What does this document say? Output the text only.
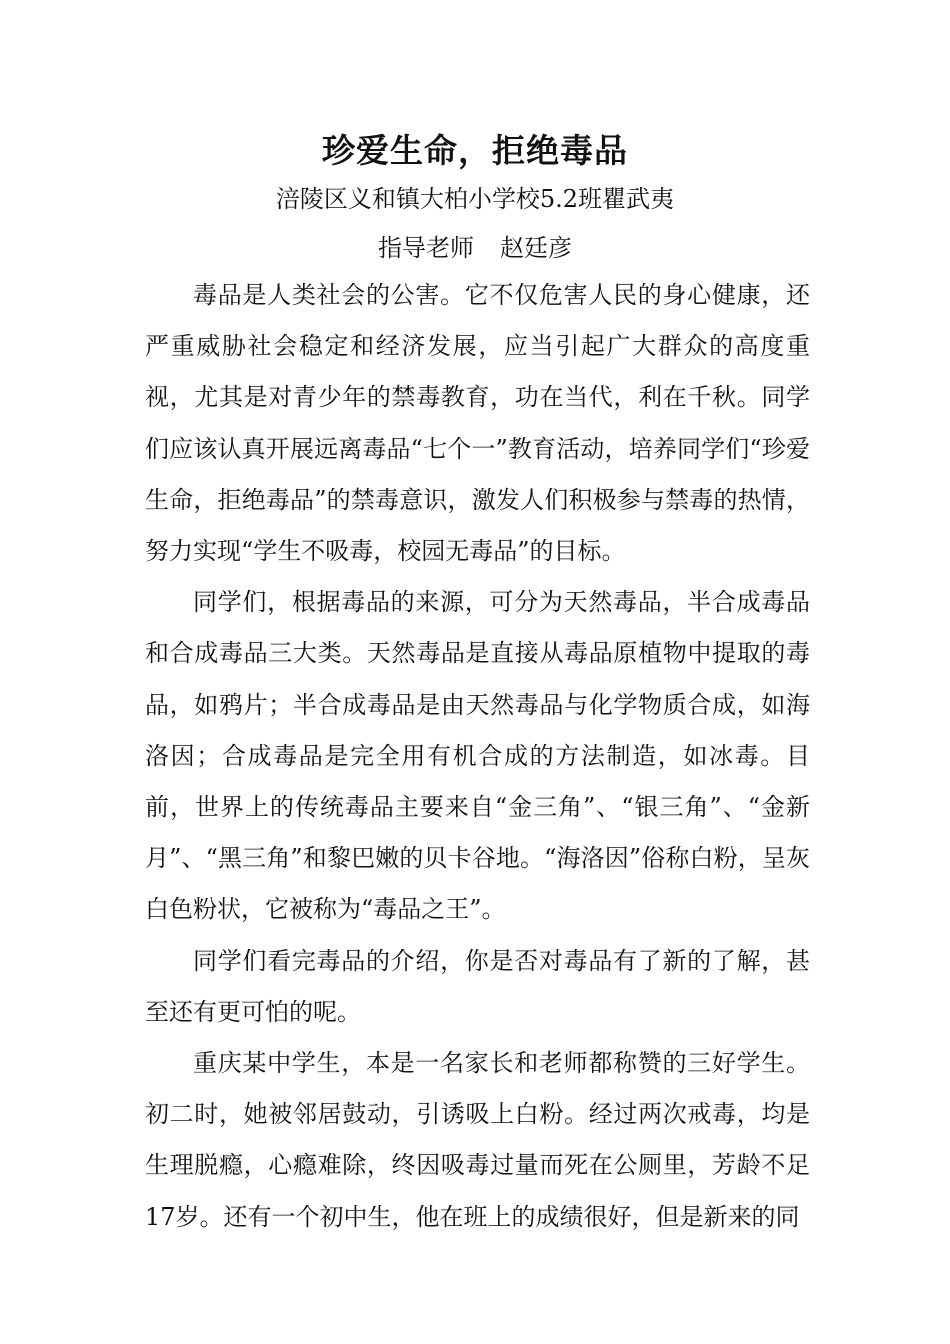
珍爱生命，拒绝毒品
涪陵区义和镇大柏小学校5.2班瞿武夷
指导老师 赵廷彦

毒品是人类社会的公害。它不仅危害人民的身心健康，还严重威胁社会稳定和经济发展，应当引起广大群众的高度重视，尤其是对青少年的禁毒教育，功在当代，利在千秋。同学们应该认真开展远离毒品“七个一”教育活动，培养同学们“珍爱生命，拒绝毒品”的禁毒意识，激发人们积极参与禁毒的热情，努力实现“学生不吸毒，校园无毒品”的目标。

同学们，根据毒品的来源，可分为天然毒品，半合成毒品和合成毒品三大类。天然毒品是直接从毒品原植物中提取的毒品，如鸦片；半合成毒品是由天然毒品与化学物质合成，如海洛因；合成毒品是完全用有机合成的方法制造，如冰毒。目前，世界上的传统毒品主要来自“金三角”、“银三角”、“金新月”、“黑三角”和黎巴嫩的贝卡谷地。“海洛因”俗称白粉，呈灰白色粉状，它被称为“毒品之王”。

同学们看完毒品的介绍，你是否对毒品有了新的了解，甚至还有更可怕的呢。

重庆某中学生，本是一名家长和老师都称赞的三好学生。初二时，她被邻居鼓动，引诱吸上白粉。经过两次戒毒，均是生理脱瘾，心瘾难除，终因吸毒过量而死在公厕里，芳龄不足17岁。还有一个初中生，他在班上的成绩很好，但是新来的同
